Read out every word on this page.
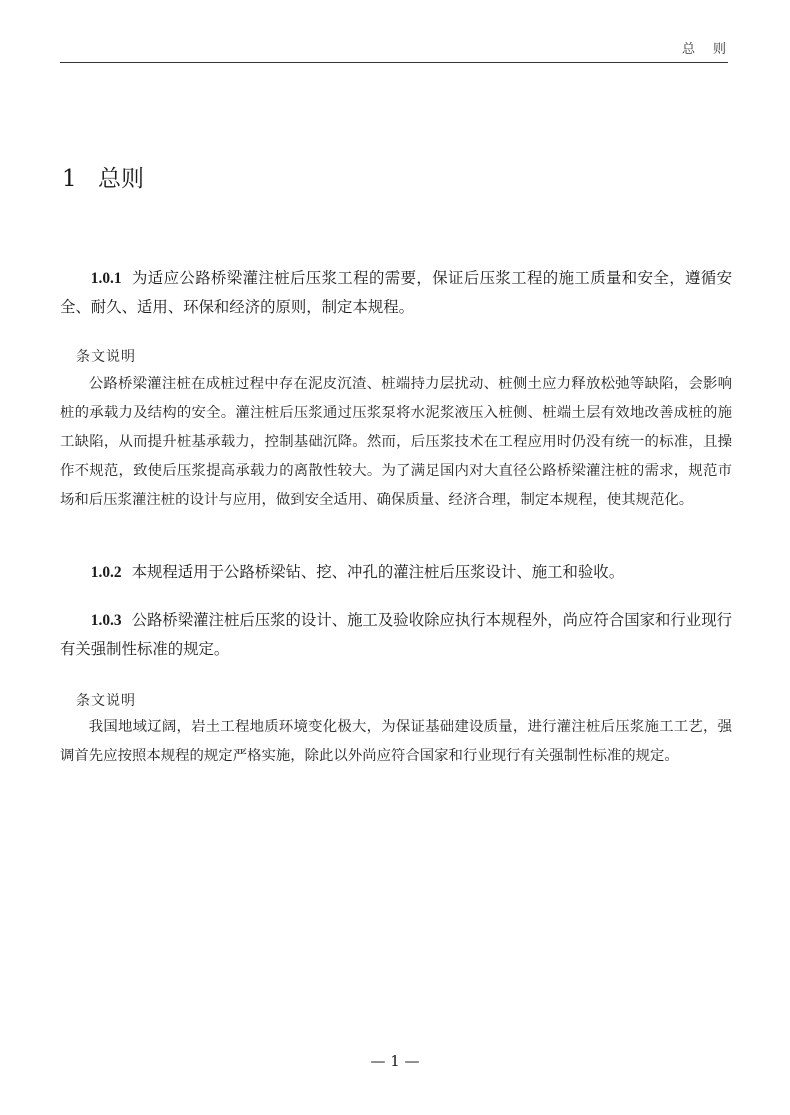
总则
1 总则

1.0.1 为适应公路桥梁灌注桩后压浆工程的需要，保证后压浆工程的施工质量和安全，遵循安全、耐久、适用、环保和经济的原则，制定本规程。

条文说明

公路桥梁灌注桩在成桩过程中存在泥皮沉渣、桩端持力层扰动、桩侧土应力释放松弛等缺陷，会影响桩的承载力及结构的安全。灌注桩后压浆通过压浆泵将水泥浆液压入桩侧、桩端土层有效地改善成桩的施工缺陷，从而提升桩基承载力，控制基础沉降。然而，后压浆技术在工程应用时仍没有统一的标准，且操作不规范，致使后压浆提高承载力的离散性较大。为了满足国内对大直径公路桥梁灌注桩的需求，规范市场和后压浆灌注桩的设计与应用，做到安全适用、确保质量、经济合理，制定本规程，使其规范化。

1.0.2 本规程适用于公路桥梁钻、挖、冲孔的灌注桩后压浆设计、施工和验收。

1.0.3 公路桥梁灌注桩后压浆的设计、施工及验收除应执行本规程外，尚应符合国家和行业现行有关强制性标准的规定。

条文说明

我国地域辽阔，岩土工程地质环境变化极大，为保证基础建设质量，进行灌注桩后压浆施工工艺，强调首先应按照本规程的规定严格实施，除此以外尚应符合国家和行业现行有关强制性标准的规定。

— 1 —
